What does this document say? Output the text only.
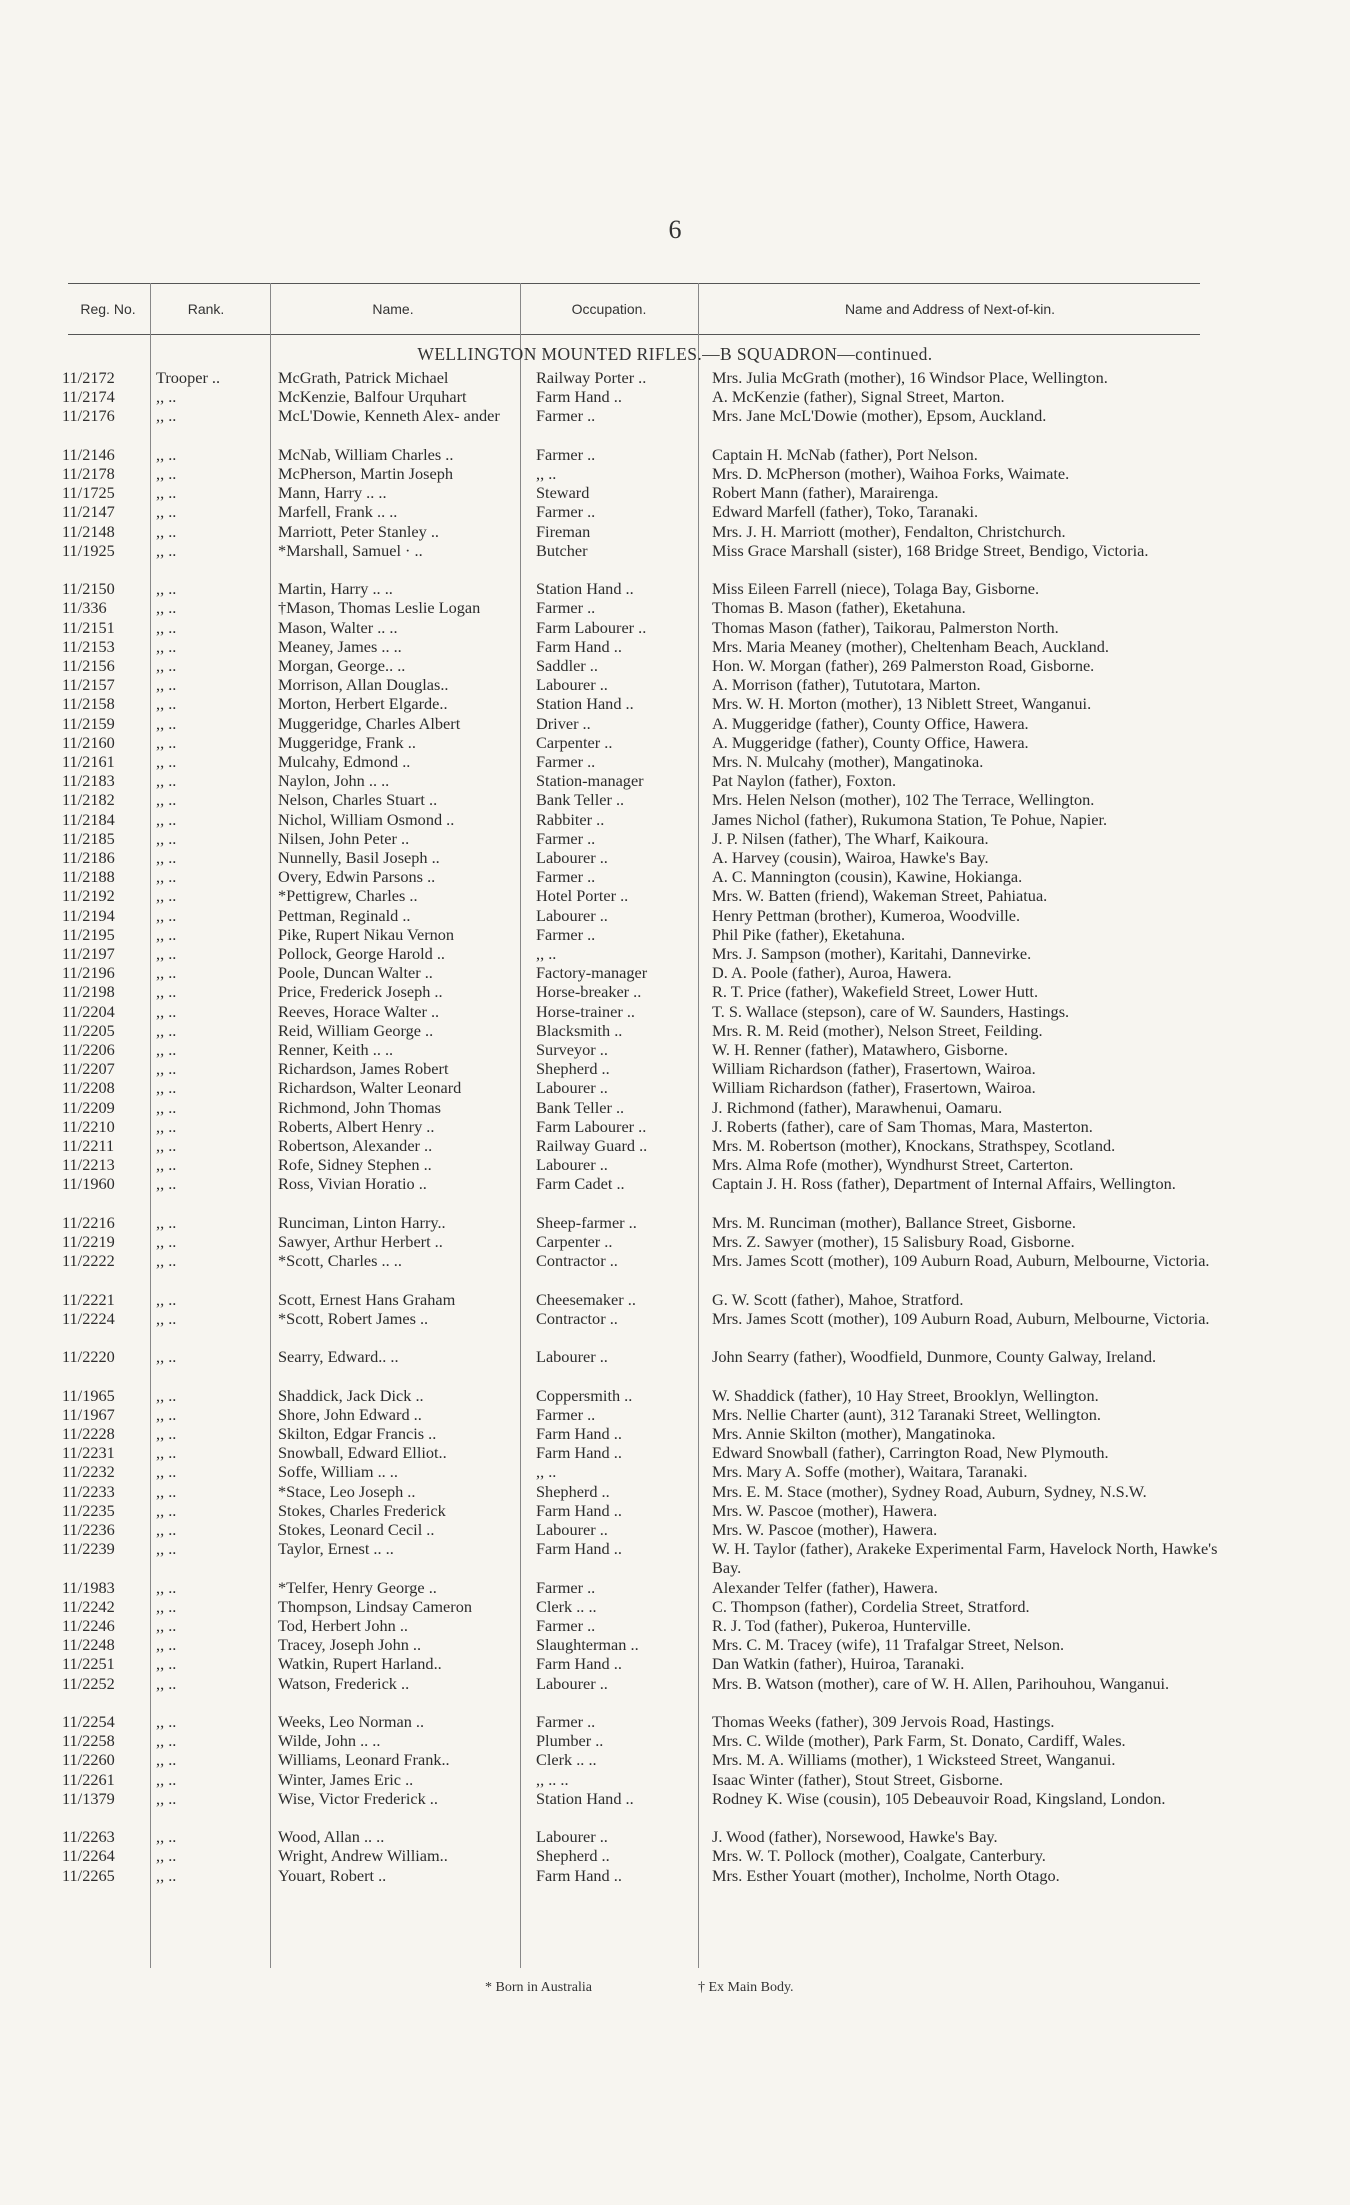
6
Reg. No.	Rank.	Name.	Occupation.	Name and Address of Next-of-kin.
WELLINGTON MOUNTED RIFLES.—B SQUADRON—continued.
11/2172	Trooper ..	McGrath, Patrick Michael	Railway Porter ..	Mrs. Julia McGrath (mother), 16 Windsor Place, Wellington.
11/2174	,, ..	McKenzie, Balfour Urquhart	Farm Hand ..	A. McKenzie (father), Signal Street, Marton.
11/2176	,, ..	McL'Dowie, Kenneth Alex- ander	Farmer ..	Mrs. Jane McL'Dowie (mother), Epsom, Auckland.
11/2146	,, ..	McNab, William Charles ..	Farmer ..	Captain H. McNab (father), Port Nelson.
11/2178	,, ..	McPherson, Martin Joseph	,, ..	Mrs. D. McPherson (mother), Waihoa Forks, Waimate.
11/1725	,, ..	Mann, Harry .. ..	Steward	Robert Mann (father), Marairenga.
11/2147	,, ..	Marfell, Frank .. ..	Farmer ..	Edward Marfell (father), Toko, Taranaki.
11/2148	,, ..	Marriott, Peter Stanley ..	Fireman	Mrs. J. H. Marriott (mother), Fendalton, Christchurch.
11/1925	,, ..	*Marshall, Samuel · ..	Butcher	Miss Grace Marshall (sister), 168 Bridge Street, Bendigo, Victoria.
11/2150	,, ..	Martin, Harry .. ..	Station Hand ..	Miss Eileen Farrell (niece), Tolaga Bay, Gisborne.
11/336	,, ..	†Mason, Thomas Leslie Logan	Farmer ..	Thomas B. Mason (father), Eketahuna.
11/2151	,, ..	Mason, Walter .. ..	Farm Labourer ..	Thomas Mason (father), Taikorau, Palmerston North.
11/2153	,, ..	Meaney, James .. ..	Farm Hand ..	Mrs. Maria Meaney (mother), Cheltenham Beach, Auckland.
11/2156	,, ..	Morgan, George.. ..	Saddler ..	Hon. W. Morgan (father), 269 Palmerston Road, Gisborne.
11/2157	,, ..	Morrison, Allan Douglas..	Labourer ..	A. Morrison (father), Tututotara, Marton.
11/2158	,, ..	Morton, Herbert Elgarde..	Station Hand ..	Mrs. W. H. Morton (mother), 13 Niblett Street, Wanganui.
11/2159	,, ..	Muggeridge, Charles Albert	Driver ..	A. Muggeridge (father), County Office, Hawera.
11/2160	,, ..	Muggeridge, Frank ..	Carpenter ..	A. Muggeridge (father), County Office, Hawera.
11/2161	,, ..	Mulcahy, Edmond ..	Farmer ..	Mrs. N. Mulcahy (mother), Mangatinoka.
11/2183	,, ..	Naylon, John .. ..	Station-manager	Pat Naylon (father), Foxton.
11/2182	,, ..	Nelson, Charles Stuart ..	Bank Teller ..	Mrs. Helen Nelson (mother), 102 The Terrace, Wellington.
11/2184	,, ..	Nichol, William Osmond ..	Rabbiter ..	James Nichol (father), Rukumona Station, Te Pohue, Napier.
11/2185	,, ..	Nilsen, John Peter ..	Farmer ..	J. P. Nilsen (father), The Wharf, Kaikoura.
11/2186	,, ..	Nunnelly, Basil Joseph ..	Labourer ..	A. Harvey (cousin), Wairoa, Hawke's Bay.
11/2188	,, ..	Overy, Edwin Parsons ..	Farmer ..	A. C. Mannington (cousin), Kawine, Hokianga.
11/2192	,, ..	*Pettigrew, Charles ..	Hotel Porter ..	Mrs. W. Batten (friend), Wakeman Street, Pahiatua.
11/2194	,, ..	Pettman, Reginald ..	Labourer ..	Henry Pettman (brother), Kumeroa, Woodville.
11/2195	,, ..	Pike, Rupert Nikau Vernon	Farmer ..	Phil Pike (father), Eketahuna.
11/2197	,, ..	Pollock, George Harold ..	,, ..	Mrs. J. Sampson (mother), Karitahi, Dannevirke.
11/2196	,, ..	Poole, Duncan Walter ..	Factory-manager	D. A. Poole (father), Auroa, Hawera.
11/2198	,, ..	Price, Frederick Joseph ..	Horse-breaker ..	R. T. Price (father), Wakefield Street, Lower Hutt.
11/2204	,, ..	Reeves, Horace Walter ..	Horse-trainer ..	T. S. Wallace (stepson), care of W. Saunders, Hastings.
11/2205	,, ..	Reid, William George ..	Blacksmith ..	Mrs. R. M. Reid (mother), Nelson Street, Feilding.
11/2206	,, ..	Renner, Keith .. ..	Surveyor ..	W. H. Renner (father), Matawhero, Gisborne.
11/2207	,, ..	Richardson, James Robert	Shepherd ..	William Richardson (father), Frasertown, Wairoa.
11/2208	,, ..	Richardson, Walter Leonard	Labourer ..	William Richardson (father), Frasertown, Wairoa.
11/2209	,, ..	Richmond, John Thomas	Bank Teller ..	J. Richmond (father), Marawhenui, Oamaru.
11/2210	,, ..	Roberts, Albert Henry ..	Farm Labourer ..	J. Roberts (father), care of Sam Thomas, Mara, Masterton.
11/2211	,, ..	Robertson, Alexander ..	Railway Guard ..	Mrs. M. Robertson (mother), Knockans, Strathspey, Scotland.
11/2213	,, ..	Rofe, Sidney Stephen ..	Labourer ..	Mrs. Alma Rofe (mother), Wyndhurst Street, Carterton.
11/1960	,, ..	Ross, Vivian Horatio ..	Farm Cadet ..	Captain J. H. Ross (father), Department of Internal Affairs, Wellington.
11/2216	,, ..	Runciman, Linton Harry..	Sheep-farmer ..	Mrs. M. Runciman (mother), Ballance Street, Gisborne.
11/2219	,, ..	Sawyer, Arthur Herbert ..	Carpenter ..	Mrs. Z. Sawyer (mother), 15 Salisbury Road, Gisborne.
11/2222	,, ..	*Scott, Charles .. ..	Contractor ..	Mrs. James Scott (mother), 109 Auburn Road, Auburn, Melbourne, Victoria.
11/2221	,, ..	Scott, Ernest Hans Graham	Cheesemaker ..	G. W. Scott (father), Mahoe, Stratford.
11/2224	,, ..	*Scott, Robert James ..	Contractor ..	Mrs. James Scott (mother), 109 Auburn Road, Auburn, Melbourne, Victoria.
11/2220	,, ..	Searry, Edward.. ..	Labourer ..	John Searry (father), Woodfield, Dunmore, County Galway, Ireland.
11/1965	,, ..	Shaddick, Jack Dick ..	Coppersmith ..	W. Shaddick (father), 10 Hay Street, Brooklyn, Wellington.
11/1967	,, ..	Shore, John Edward ..	Farmer ..	Mrs. Nellie Charter (aunt), 312 Taranaki Street, Wellington.
11/2228	,, ..	Skilton, Edgar Francis ..	Farm Hand ..	Mrs. Annie Skilton (mother), Mangatinoka.
11/2231	,, ..	Snowball, Edward Elliot..	Farm Hand ..	Edward Snowball (father), Carrington Road, New Plymouth.
11/2232	,, ..	Soffe, William .. ..	,, ..	Mrs. Mary A. Soffe (mother), Waitara, Taranaki.
11/2233	,, ..	*Stace, Leo Joseph ..	Shepherd ..	Mrs. E. M. Stace (mother), Sydney Road, Auburn, Sydney, N.S.W.
11/2235	,, ..	Stokes, Charles Frederick	Farm Hand ..	Mrs. W. Pascoe (mother), Hawera.
11/2236	,, ..	Stokes, Leonard Cecil ..	Labourer ..	Mrs. W. Pascoe (mother), Hawera.
11/2239	,, ..	Taylor, Ernest .. ..	Farm Hand ..	W. H. Taylor (father), Arakeke Experimental Farm, Havelock North, Hawke's Bay.
11/1983	,, ..	*Telfer, Henry George ..	Farmer ..	Alexander Telfer (father), Hawera.
11/2242	,, ..	Thompson, Lindsay Cameron	Clerk .. ..	C. Thompson (father), Cordelia Street, Stratford.
11/2246	,, ..	Tod, Herbert John ..	Farmer ..	R. J. Tod (father), Pukeroa, Hunterville.
11/2248	,, ..	Tracey, Joseph John ..	Slaughterman ..	Mrs. C. M. Tracey (wife), 11 Trafalgar Street, Nelson.
11/2251	,, ..	Watkin, Rupert Harland..	Farm Hand ..	Dan Watkin (father), Huiroa, Taranaki.
11/2252	,, ..	Watson, Frederick ..	Labourer ..	Mrs. B. Watson (mother), care of W. H. Allen, Parihouhou, Wanganui.
11/2254	,, ..	Weeks, Leo Norman ..	Farmer ..	Thomas Weeks (father), 309 Jervois Road, Hastings.
11/2258	,, ..	Wilde, John .. ..	Plumber ..	Mrs. C. Wilde (mother), Park Farm, St. Donato, Cardiff, Wales.
11/2260	,, ..	Williams, Leonard Frank..	Clerk .. ..	Mrs. M. A. Williams (mother), 1 Wicksteed Street, Wanganui.
11/2261	,, ..	Winter, James Eric ..	,, .. ..	Isaac Winter (father), Stout Street, Gisborne.
11/1379	,, ..	Wise, Victor Frederick ..	Station Hand ..	Rodney K. Wise (cousin), 105 Debeauvoir Road, Kingsland, London.
11/2263	,, ..	Wood, Allan .. ..	Labourer ..	J. Wood (father), Norsewood, Hawke's Bay.
11/2264	,, ..	Wright, Andrew William..	Shepherd ..	Mrs. W. T. Pollock (mother), Coalgate, Canterbury.
11/2265	,, ..	Youart, Robert ..	Farm Hand ..	Mrs. Esther Youart (mother), Incholme, North Otago.
* Born in Australia	† Ex Main Body.
